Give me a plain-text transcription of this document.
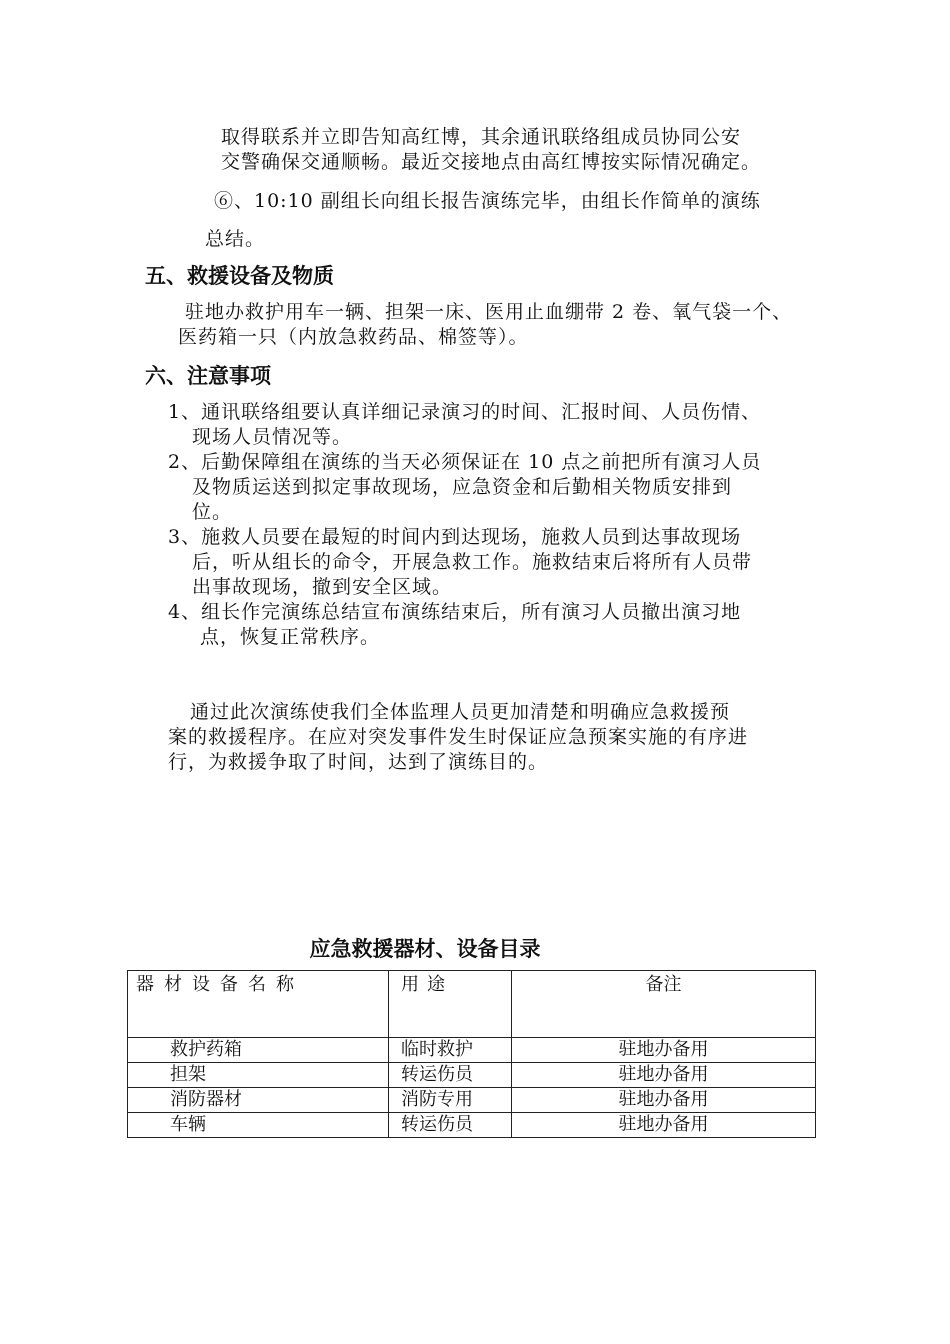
取得联系并立即告知高红博，其余通讯联络组成员协同公安
交警确保交通顺畅。最近交接地点由高红博按实际情况确定。
⑥、10:10 副组长向组长报告演练完毕，由组长作简单的演练
总结。
五、救援设备及物质
驻地办救护用车一辆、担架一床、医用止血绷带 2 卷、氧气袋一个、
医药箱一只（内放急救药品、棉签等）。
六、注意事项
1、通讯联络组要认真详细记录演习的时间、汇报时间、人员伤情、
现场人员情况等。
2、后勤保障组在演练的当天必须保证在 10 点之前把所有演习人员
及物质运送到拟定事故现场，应急资金和后勤相关物质安排到
位。
3、施救人员要在最短的时间内到达现场，施救人员到达事故现场
后，听从组长的命令，开展急救工作。施救结束后将所有人员带
出事故现场，撤到安全区域。
4、组长作完演练总结宣布演练结束后，所有演习人员撤出演习地
点，恢复正常秩序。
通过此次演练使我们全体监理人员更加清楚和明确应急救援预
案的救援程序。在应对突发事件发生时保证应急预案实施的有序进
行，为救援争取了时间，达到了演练目的。
应急救援器材、设备目录
器材设备名称	用途	备注
救护药箱	临时救护	驻地办备用
担架	转运伤员	驻地办备用
消防器材	消防专用	驻地办备用
车辆	转运伤员	驻地办备用
